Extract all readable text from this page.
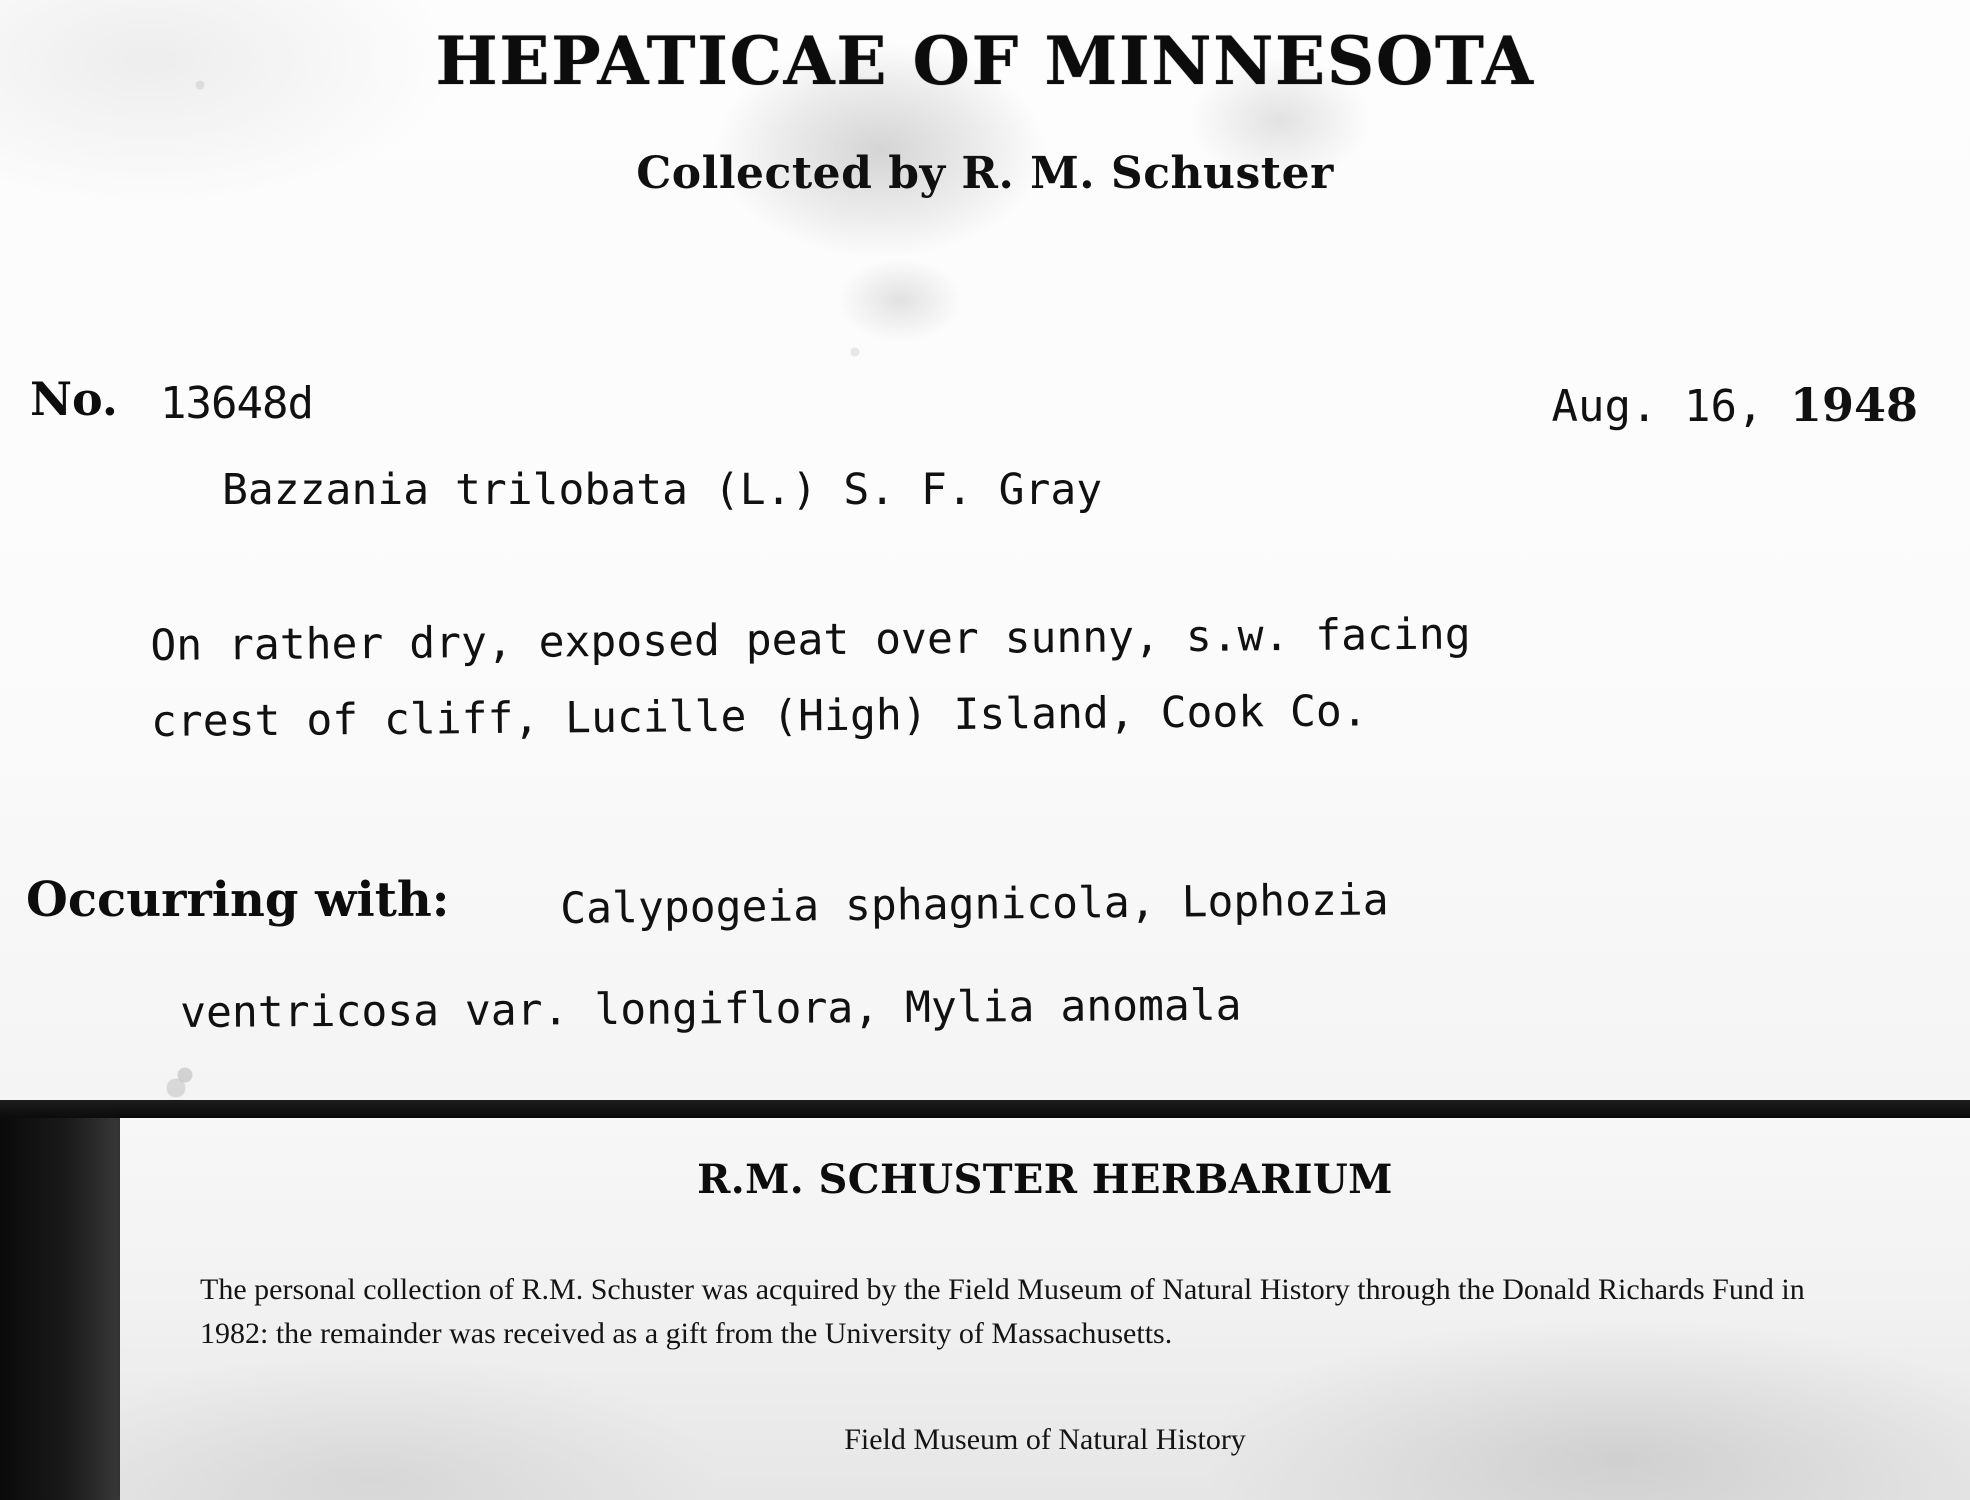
HEPATICAE OF MINNESOTA
Collected by R. M. Schuster
No. 13648d	Aug. 16, 1948
Bazzania trilobata (L.) S. F. Gray
On rather dry, exposed peat over sunny, s.w. facing
crest of cliff, Lucille (High) Island, Cook Co.
Occurring with:	Calypogeia sphagnicola, Lophozia
ventricosa var. longiflora, Mylia anomala
R.M. SCHUSTER HERBARIUM
The personal collection of R.M. Schuster was acquired by the Field Museum of Natural History through the Donald Richards Fund in 1982: the remainder was received as a gift from the University of Massachusetts.
Field Museum of Natural History
